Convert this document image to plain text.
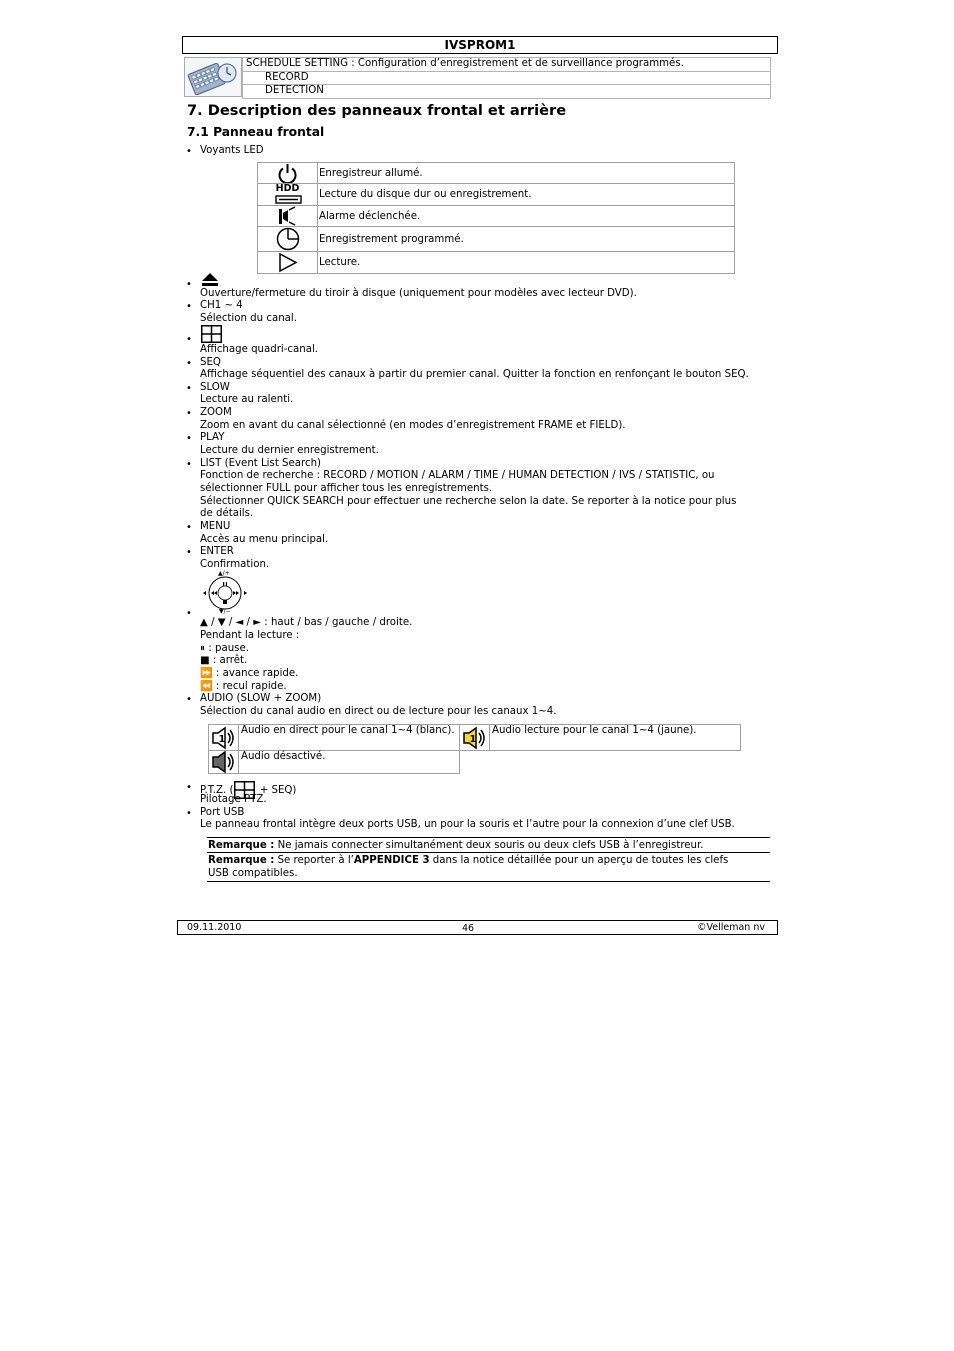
IVSPROM1
SCHEDULE SETTING : Configuration d’enregistrement et de surveillance programmés.
RECORD
DETECTION
7. Description des panneaux frontal et arrière
7.1 Panneau frontal
• Voyants LED
	Enregistreur allumé.

HDD	Lecture du disque dur ou enregistrement.

	Alarme déclenchée.

	Enregistrement programmé.

	Lecture.
•
Ouverture/fermeture du tiroir à disque (uniquement pour modèles avec lecteur DVD).
• CH1 ~ 4
Sélection du canal.
•
Affichage quadri-canal.
• SEQ
Affichage séquentiel des canaux à partir du premier canal. Quitter la fonction en renfonçant le bouton SEQ.
• SLOW
Lecture au ralenti.
• ZOOM
Zoom en avant du canal sélectionné (en modes d’enregistrement FRAME et FIELD).
• PLAY
Lecture du dernier enregistrement.
• LIST (Event List Search)
Fonction de recherche : RECORD / MOTION / ALARM / TIME / HUMAN DETECTION / IVS / STATISTIC, ou
sélectionner FULL pour afficher tous les enregistrements.
Sélectionner QUICK SEARCH pour effectuer une recherche selon la date. Se reporter à la notice pour plus
de détails.
• MENU
Accès au menu principal.
• ENTER
Confirmation.
•
▲/+
▼/−
▲ / ▼ / ◄ / ► : haut / bas / gauche / droite.
Pendant la lecture :
⏸ : pause.
■ : arrêt.
⏩ : avance rapide.
⏪ : recul rapide.
• AUDIO (SLOW + ZOOM)
Sélection du canal audio en direct ou de lecture pour les canaux 1~4.
1	Audio en direct pour le canal 1~4 (blanc).	1	Audio lecture pour le canal 1~4 (jaune).

	Audio désactivé.		
• P.T.Z. (
+ SEQ)
Pilotage PTZ.
• Port USB
Le panneau frontal intègre deux ports USB, un pour la souris et l’autre pour la connexion d’une clef USB.
Remarque : Ne jamais connecter simultanément deux souris ou deux clefs USB à l’enregistreur.
Remarque : Se reporter à l’APPENDICE 3 dans la notice détaillée pour un aperçu de toutes les clefs
USB compatibles.
09.11.2010	46	©Velleman nv
